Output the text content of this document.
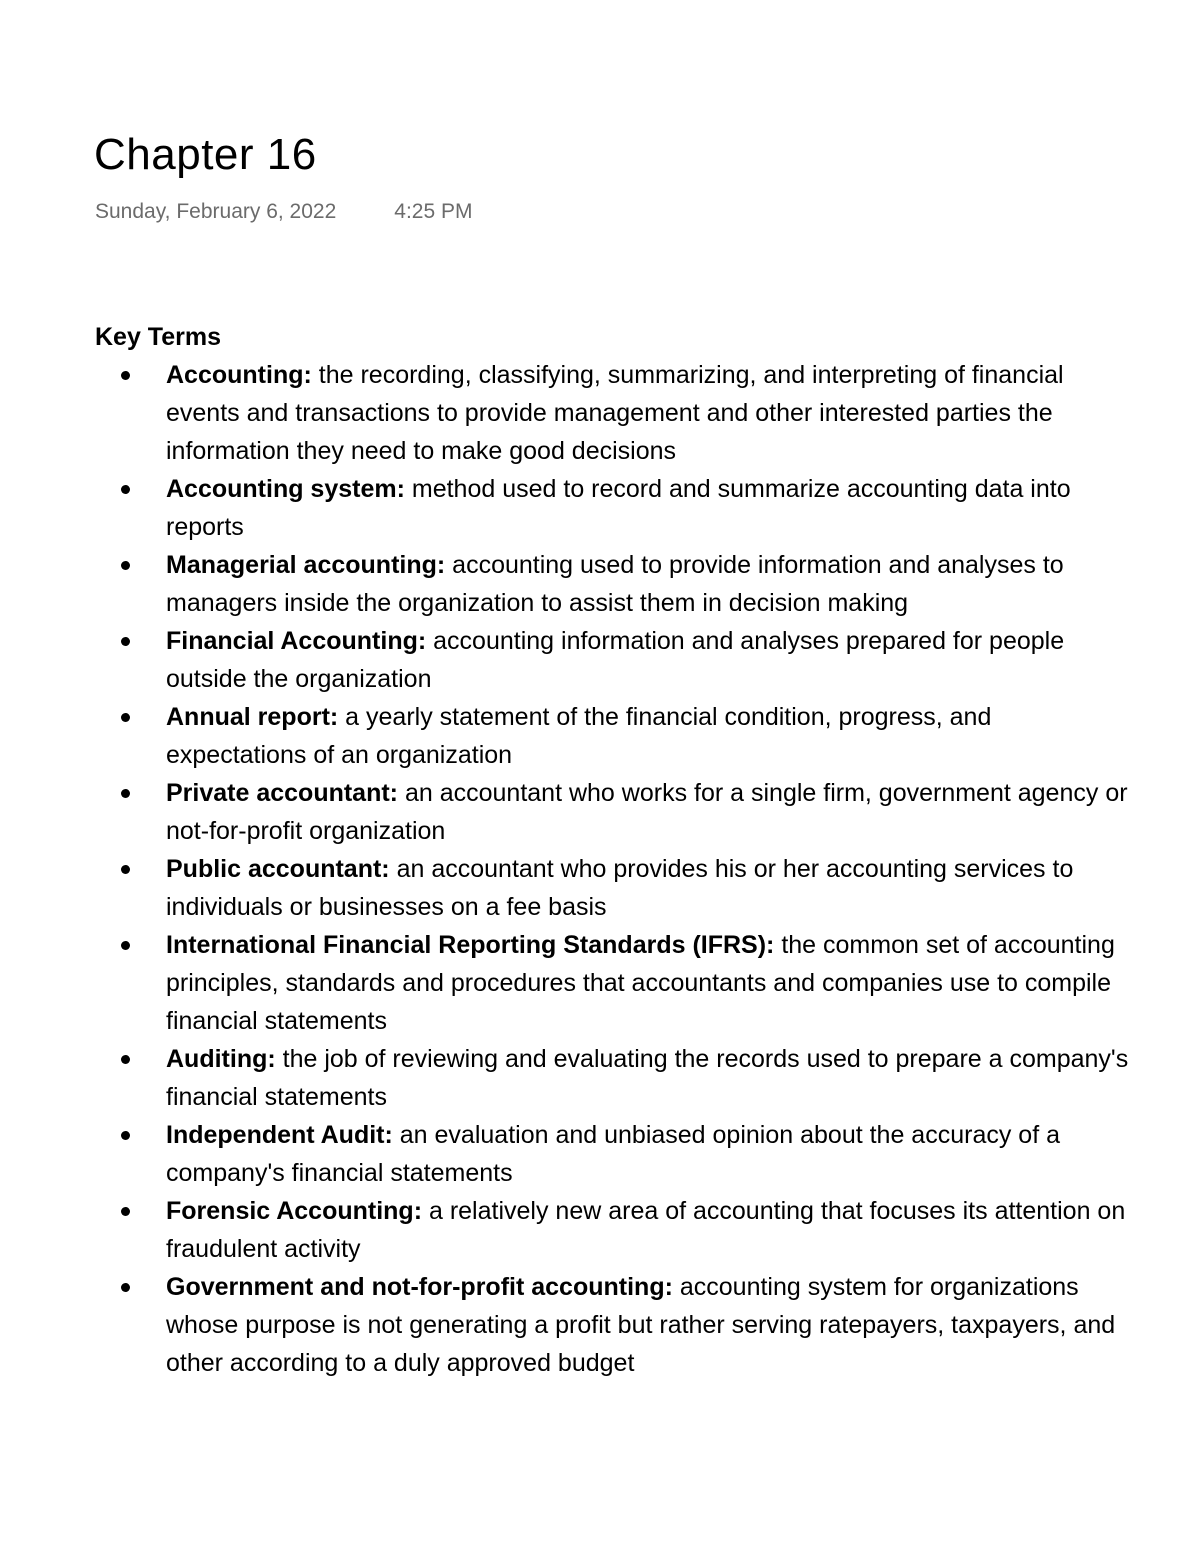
Chapter 16
Sunday, February 6, 2022	4:25 PM
Key Terms
Accounting: the recording, classifying, summarizing, and interpreting of financial events and transactions to provide management and other interested parties the information they need to make good decisions
Accounting system: method used to record and summarize accounting data into reports
Managerial accounting: accounting used to provide information and analyses to managers inside the organization to assist them in decision making
Financial Accounting: accounting information and analyses prepared for people outside the organization
Annual report: a yearly statement of the financial condition, progress, and expectations of an organization
Private accountant: an accountant who works for a single firm, government agency or not-for-profit organization
Public accountant: an accountant who provides his or her accounting services to individuals or businesses on a fee basis
International Financial Reporting Standards (IFRS): the common set of accounting principles, standards and procedures that accountants and companies use to compile financial statements
Auditing: the job of reviewing and evaluating the records used to prepare a company's financial statements
Independent Audit: an evaluation and unbiased opinion about the accuracy of a company's financial statements
Forensic Accounting: a relatively new area of accounting that focuses its attention on fraudulent activity
Government and not-for-profit accounting: accounting system for organizations whose purpose is not generating a profit but rather serving ratepayers, taxpayers, and other according to a duly approved budget
